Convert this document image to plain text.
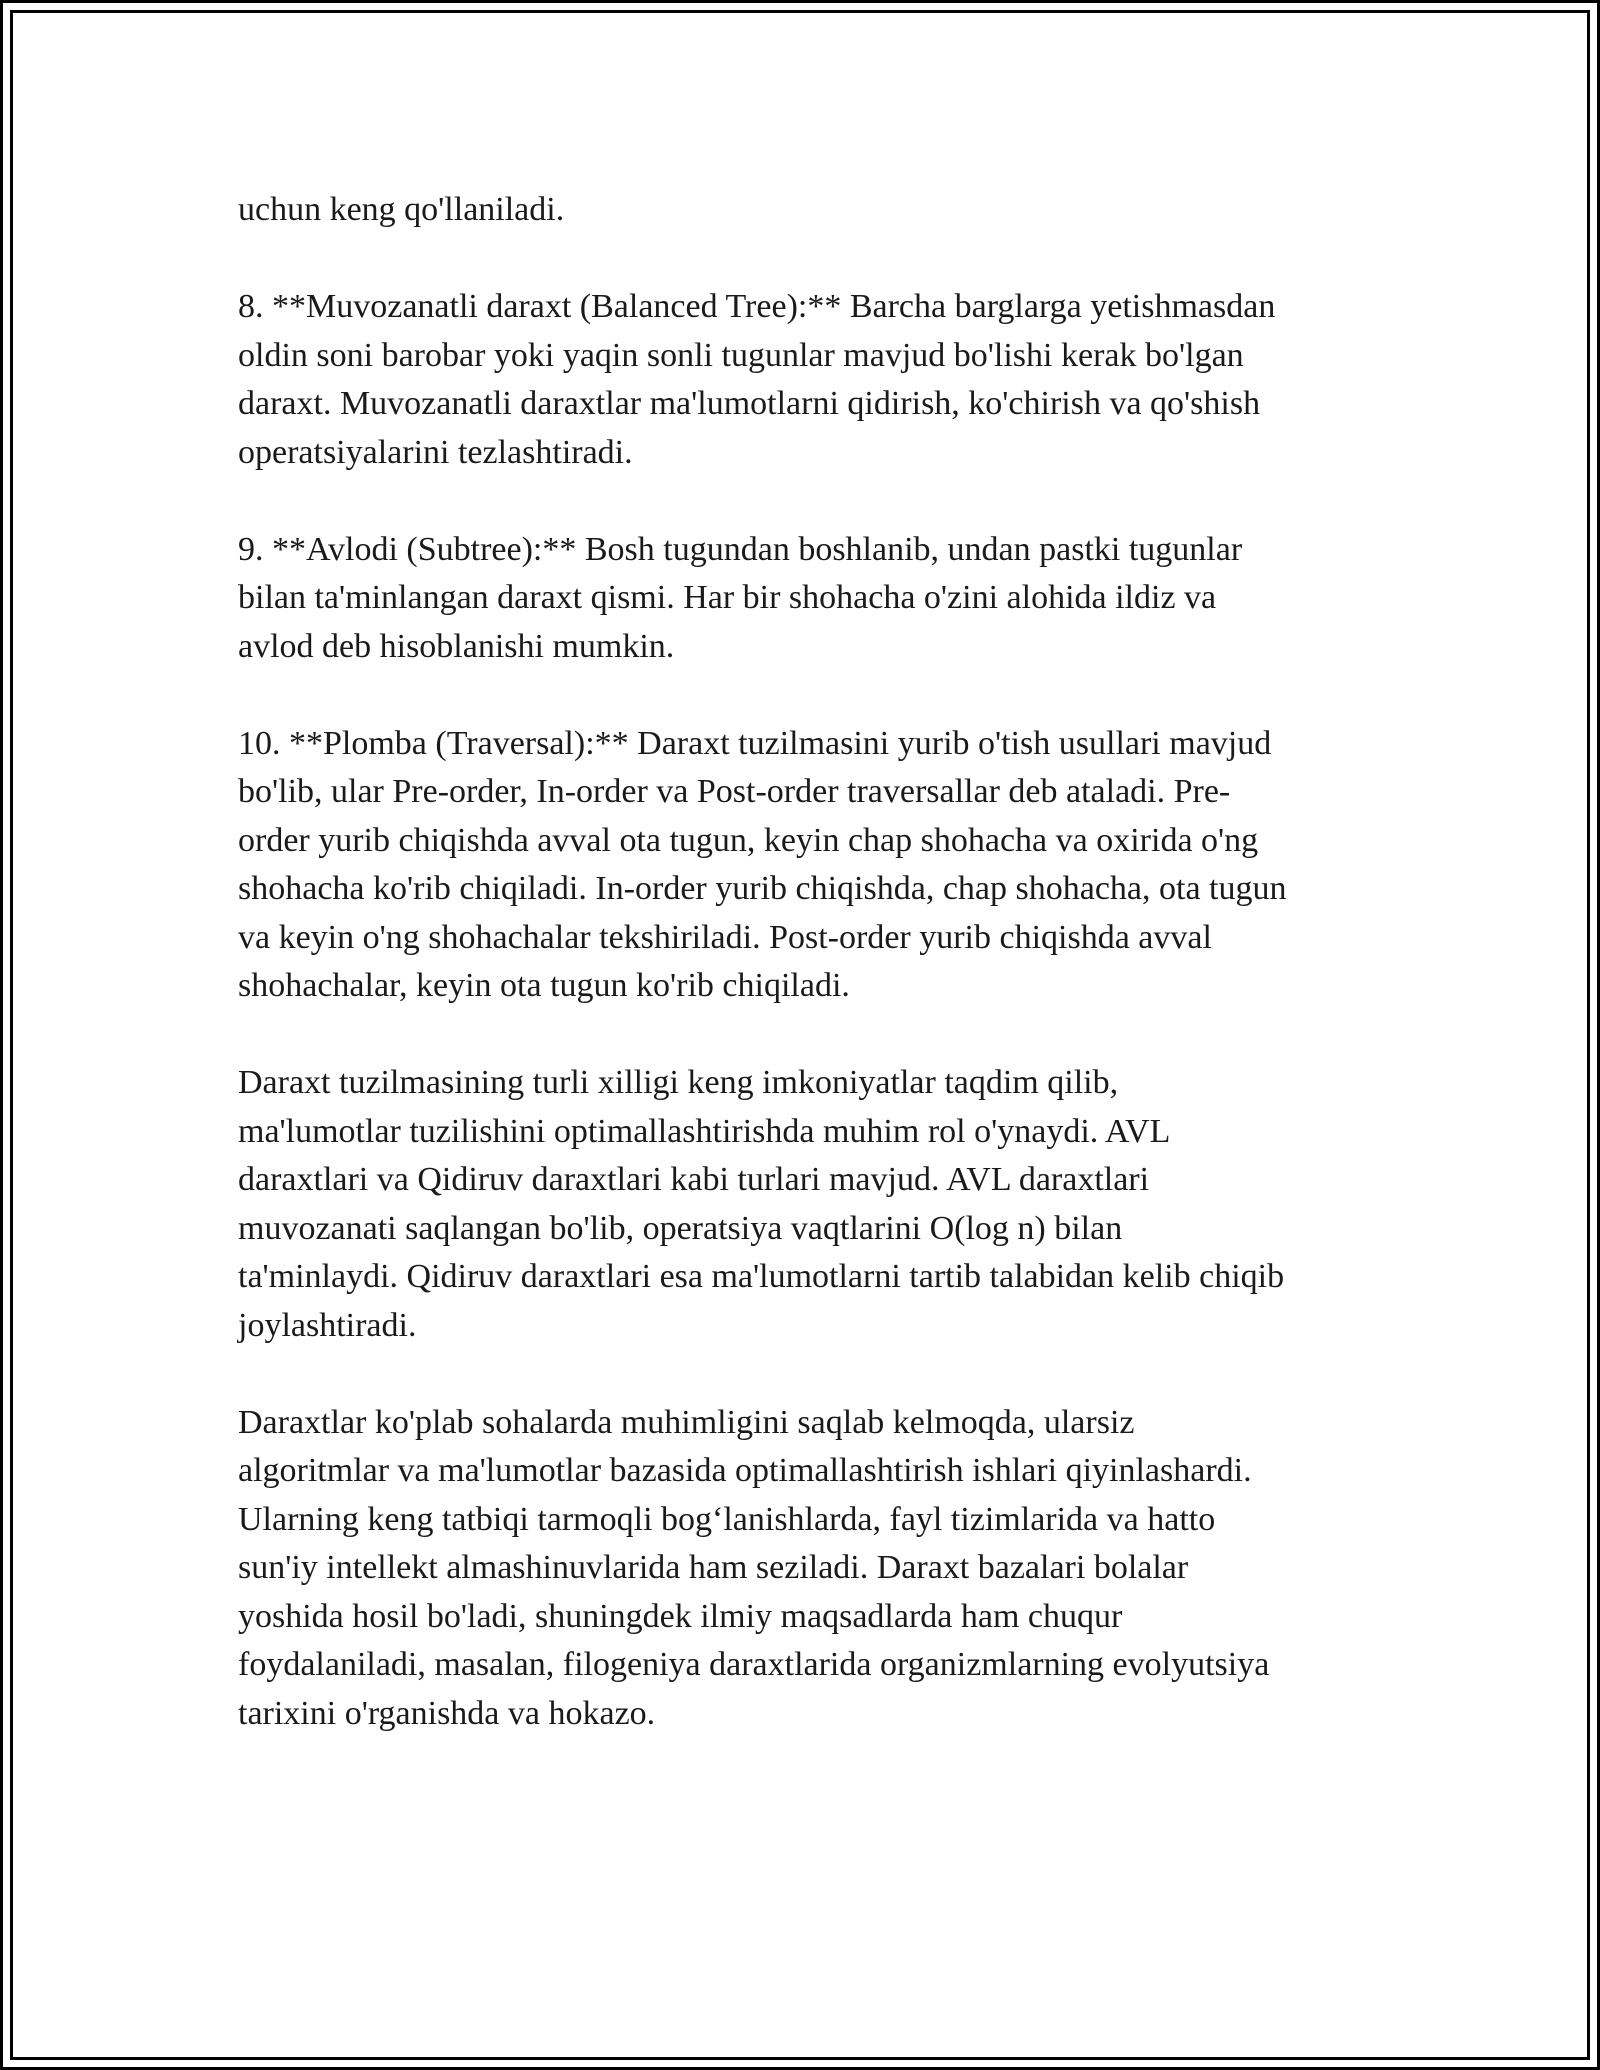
uchun keng qo'llaniladi.

8. **Muvozanatli daraxt (Balanced Tree):** Barcha barglarga yetishmasdan
oldin soni barobar yoki yaqin sonli tugunlar mavjud bo'lishi kerak bo'lgan
daraxt. Muvozanatli daraxtlar ma'lumotlarni qidirish, ko'chirish va qo'shish
operatsiyalarini tezlashtiradi.

9. **Avlodi (Subtree):** Bosh tugundan boshlanib, undan pastki tugunlar
bilan ta'minlangan daraxt qismi. Har bir shohacha o'zini alohida ildiz va
avlod deb hisoblanishi mumkin.

10. **Plomba (Traversal):** Daraxt tuzilmasini yurib o'tish usullari mavjud
bo'lib, ular Pre-order, In-order va Post-order traversallar deb ataladi. Pre-
order yurib chiqishda avval ota tugun, keyin chap shohacha va oxirida o'ng
shohacha ko'rib chiqiladi. In-order yurib chiqishda, chap shohacha, ota tugun
va keyin o'ng shohachalar tekshiriladi. Post-order yurib chiqishda avval
shohachalar, keyin ota tugun ko'rib chiqiladi.

Daraxt tuzilmasining turli xilligi keng imkoniyatlar taqdim qilib,
ma'lumotlar tuzilishini optimallashtirishda muhim rol o'ynaydi. AVL
daraxtlari va Qidiruv daraxtlari kabi turlari mavjud. AVL daraxtlari
muvozanati saqlangan bo'lib, operatsiya vaqtlarini O(log n) bilan
ta'minlaydi. Qidiruv daraxtlari esa ma'lumotlarni tartib talabidan kelib chiqib
joylashtiradi.

Daraxtlar ko'plab sohalarda muhimligini saqlab kelmoqda, ularsiz
algoritmlar va ma'lumotlar bazasida optimallashtirish ishlari qiyinlashardi.
Ularning keng tatbiqi tarmoqli bog‘lanishlarda, fayl tizimlarida va hatto
sun'iy intellekt almashinuvlarida ham seziladi. Daraxt bazalari bolalar
yoshida hosil bo'ladi, shuningdek ilmiy maqsadlarda ham chuqur
foydalaniladi, masalan, filogeniya daraxtlarida organizmlarning evolyutsiya
tarixini o'rganishda va hokazo.
